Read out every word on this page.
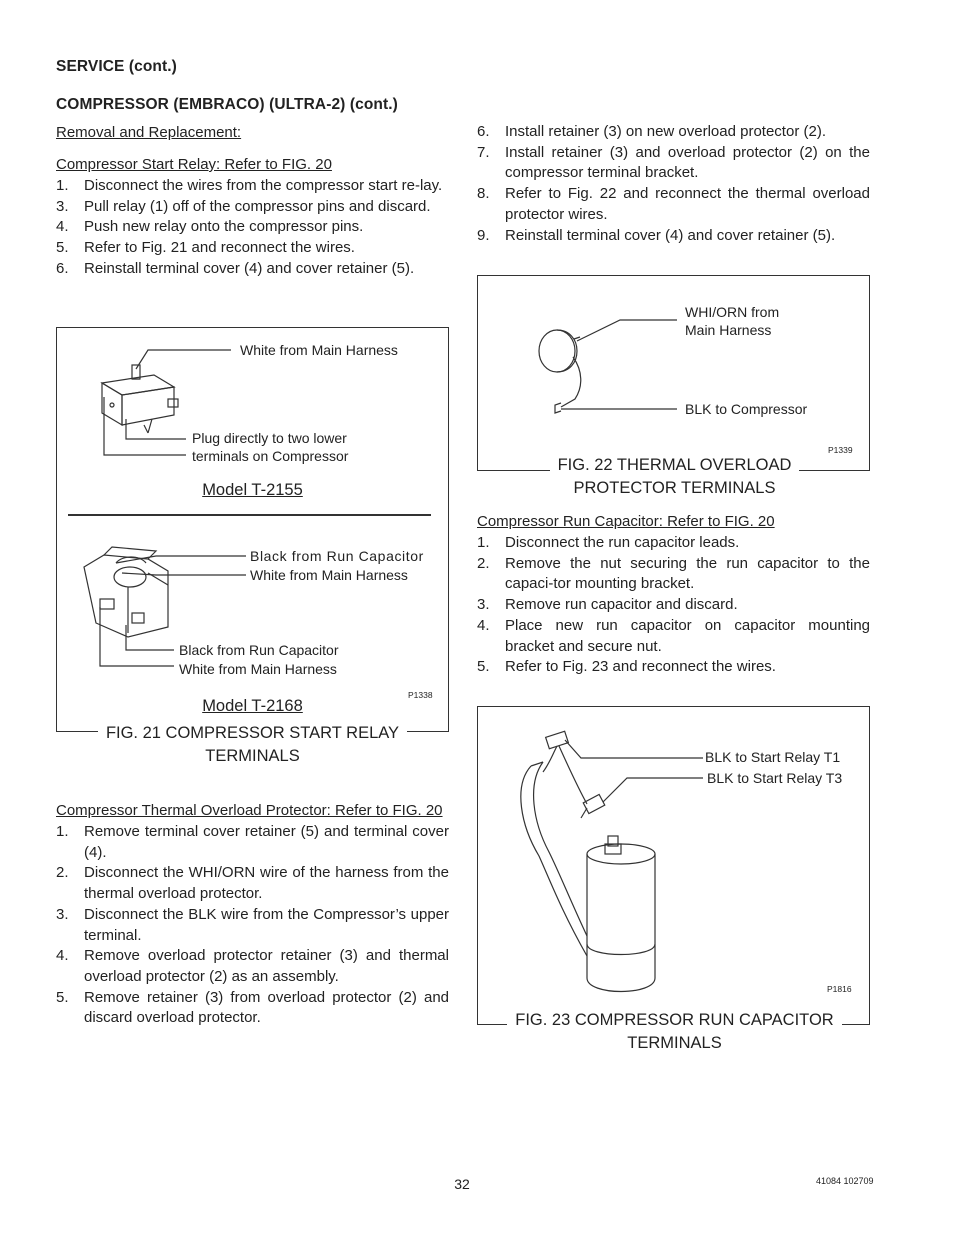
SERVICE (cont.)
COMPRESSOR (EMBRACO) (ULTRA-2) (cont.)
Removal and Replacement:
Compressor Start Relay: Refer to FIG. 20
1. Disconnect the wires from the compressor start re-lay.
3. Pull relay (1) off of the compressor pins and discard.
4. Push new relay onto the compressor pins.
5. Refer to Fig. 21 and reconnect the wires.
6. Reinstall terminal cover (4) and cover retainer (5).
White from Main Harness
Plug directly to two lower
terminals on Compressor
Model T-2155
Black from Run Capacitor
White from Main Harness
Black from Run Capacitor
White from Main Harness
P1338
Model T-2168
FIG. 21 COMPRESSOR START RELAY
TERMINALS
Compressor Thermal Overload Protector: Refer to FIG. 20
1. Remove terminal cover retainer (5) and terminal cover (4).
2. Disconnect the WHI/ORN wire of the harness from the thermal overload protector.
3. Disconnect the BLK wire from the Compressor’s upper terminal.
4. Remove overload protector retainer (3) and thermal overload protector (2) as an assembly.
5. Remove retainer (3) from overload protector (2) and discard overload protector.
6. Install retainer (3) on new overload protector (2).
7. Install retainer (3) and overload protector (2) on the compressor terminal bracket.
8. Refer to Fig. 22 and reconnect the thermal overload protector wires.
9. Reinstall terminal cover (4) and cover retainer (5).
WHI/ORN from
Main Harness
BLK to Compressor
P1339
FIG. 22 THERMAL OVERLOAD
PROTECTOR TERMINALS
Compressor Run Capacitor: Refer to FIG. 20
1. Disconnect the run capacitor leads.
2. Remove the nut securing the run capacitor to the capaci-tor mounting bracket.
3. Remove run capacitor and discard.
4. Place new run capacitor on capacitor mounting bracket and secure nut.
5. Refer to Fig. 23 and reconnect the wires.
BLK to Start Relay T1
BLK to Start Relay T3
P1816
FIG. 23 COMPRESSOR RUN CAPACITOR
TERMINALS
32	41084 102709
